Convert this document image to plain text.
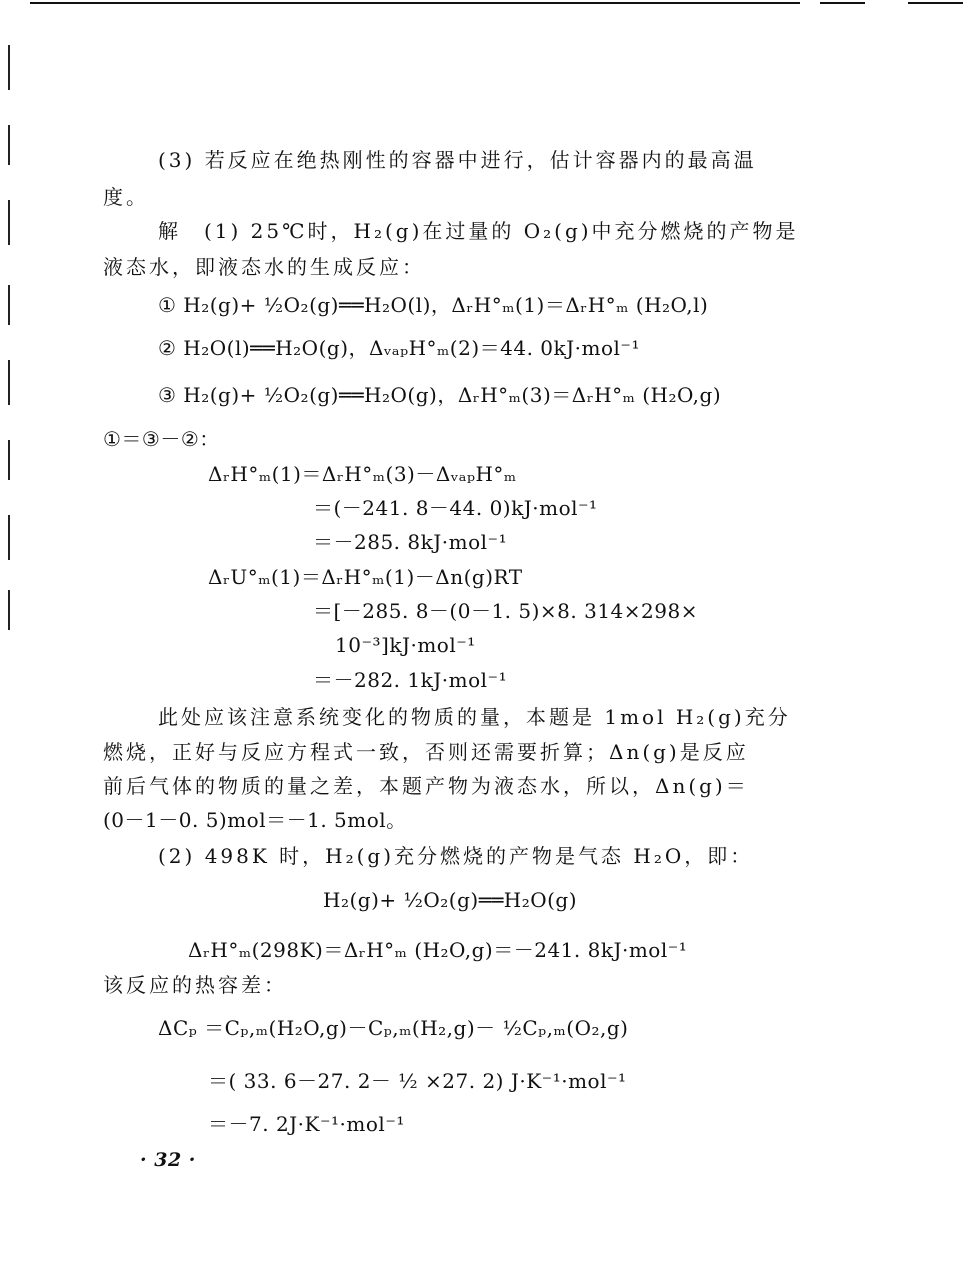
(3) 若反应在绝热刚性的容器中进行，估计容器内的最高温
度。
解　(1) 25℃时，H₂(g)在过量的 O₂(g)中充分燃烧的产物是
液态水，即液态水的生成反应：
① H₂(g)+ ½O₂(g)══H₂O(l)，ΔᵣH°ₘ(1)＝ΔᵣH°ₘ (H₂O,l)
② H₂O(l)══H₂O(g)，ΔᵥₐₚH°ₘ(2)＝44. 0kJ·mol⁻¹
③ H₂(g)+ ½O₂(g)══H₂O(g)，ΔᵣH°ₘ(3)＝ΔᵣH°ₘ (H₂O,g)
①＝③－②：
ΔᵣH°ₘ(1)＝ΔᵣH°ₘ(3)－ΔᵥₐₚH°ₘ
＝(－241. 8－44. 0)kJ·mol⁻¹
＝－285. 8kJ·mol⁻¹
ΔᵣU°ₘ(1)＝ΔᵣH°ₘ(1)－Δn(g)RT
＝[－285. 8－(0－1. 5)×8. 314×298×
10⁻³]kJ·mol⁻¹
＝－282. 1kJ·mol⁻¹
此处应该注意系统变化的物质的量，本题是 1mol H₂(g)充分
燃烧，正好与反应方程式一致，否则还需要折算；Δn(g)是反应
前后气体的物质的量之差，本题产物为液态水，所以，Δn(g)＝
(0－1－0. 5)mol＝－1. 5mol。
(2) 498K 时，H₂(g)充分燃烧的产物是气态 H₂O，即：
H₂(g)+ ½O₂(g)══H₂O(g)
ΔᵣH°ₘ(298K)＝ΔᵣH°ₘ (H₂O,g)＝－241. 8kJ·mol⁻¹
该反应的热容差：
ΔCₚ ＝Cₚ,ₘ(H₂O,g)－Cₚ,ₘ(H₂,g)－ ½Cₚ,ₘ(O₂,g)
＝( 33. 6－27. 2－ ½ ×27. 2) J·K⁻¹·mol⁻¹
＝－7. 2J·K⁻¹·mol⁻¹
· 32 ·
